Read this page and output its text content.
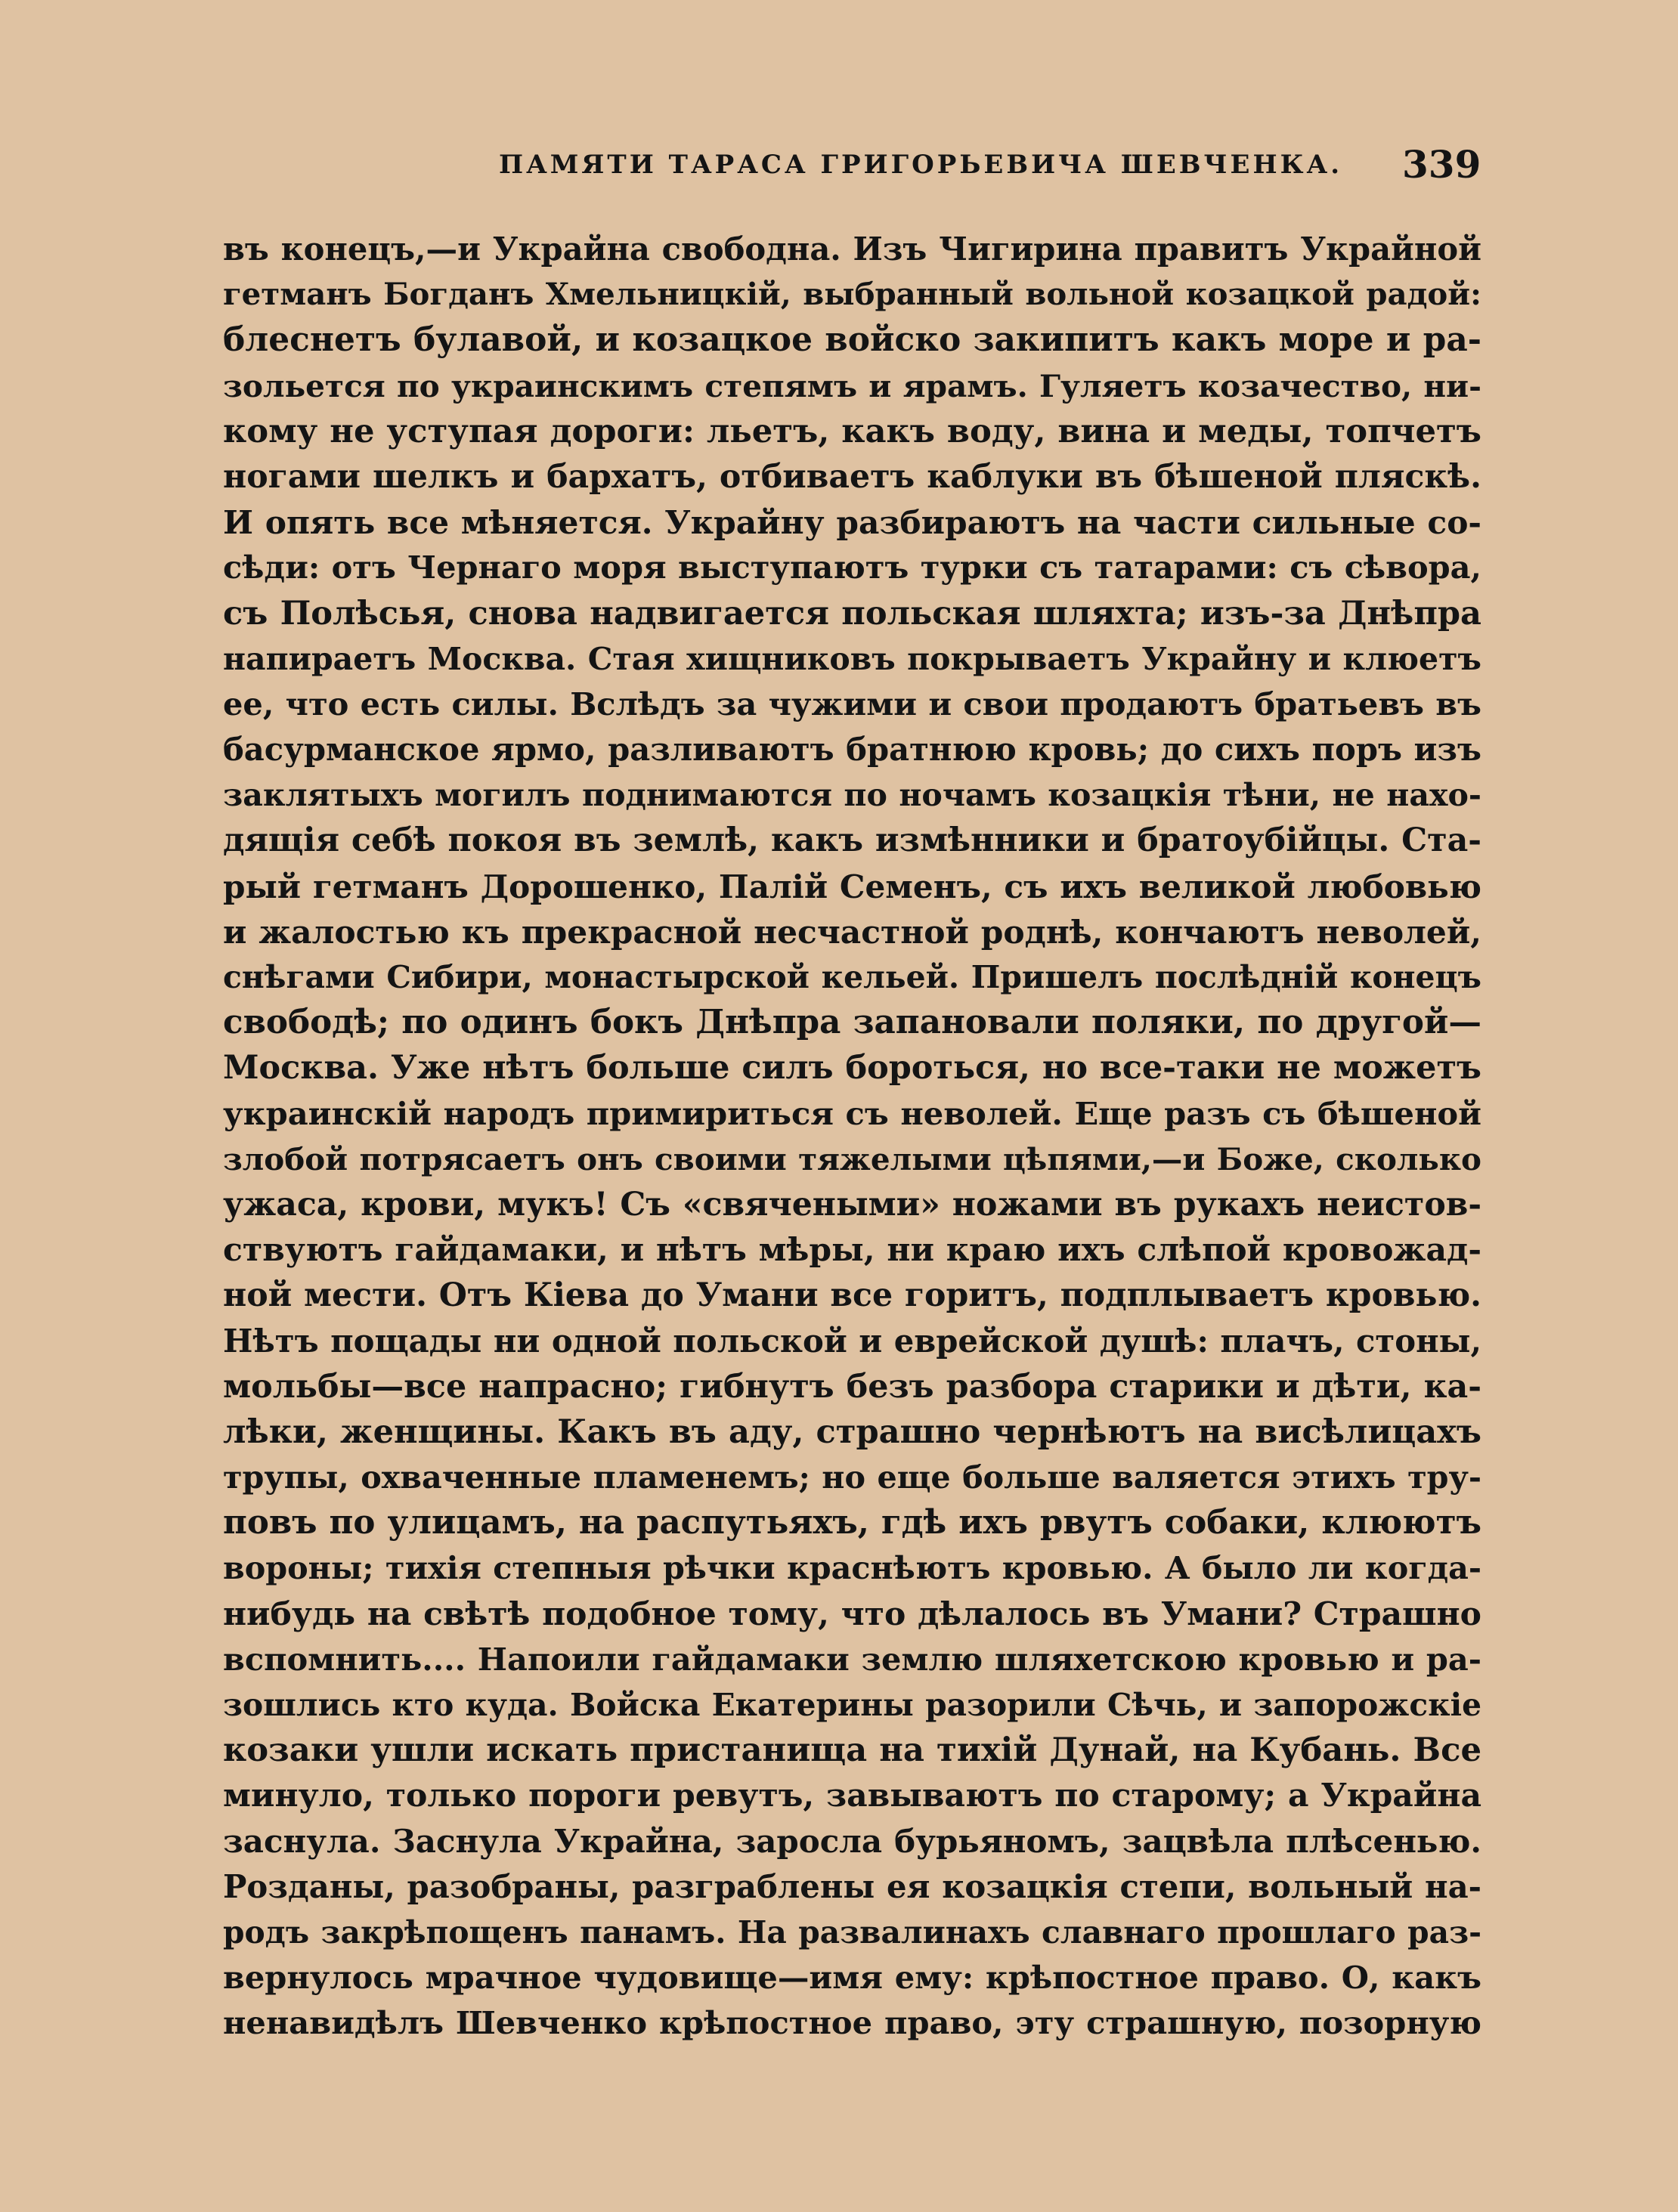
ПАМЯТИ ТАРАСА ГРИГОРЬЕВИЧА ШЕВЧЕНКА. 339
въ конецъ,—и Украйна свободна. Изъ Чигирина правитъ Украйной
гетманъ Богданъ Хмельницкій, выбранный вольной козацкой радой:
блеснетъ булавой, и козацкое войско закипитъ какъ море и ра-
зольется по украинскимъ степямъ и ярамъ. Гуляетъ козачество, ни-
кому не уступая дороги: льетъ, какъ воду, вина и меды, топчетъ
ногами шелкъ и бархатъ, отбиваетъ каблуки въ бѣшеной пляскѣ.
И опять все мѣняется. Украйну разбираютъ на части сильные со-
сѣди: отъ Чернаго моря выступаютъ турки съ татарами: съ сѣвора,
съ Полѣсья, снова надвигается польская шляхта; изъ-за Днѣпра
напираетъ Москва. Стая хищниковъ покрываетъ Украйну и клюетъ
ее, что есть силы. Вслѣдъ за чужими и свои продаютъ братьевъ въ
басурманское ярмо, разливаютъ братнюю кровь; до сихъ поръ изъ
заклятыхъ могилъ поднимаются по ночамъ козацкія тѣни, не нахо-
дящія себѣ покоя въ землѣ, какъ измѣнники и братоубійцы. Ста-
рый гетманъ Дорошенко, Палій Семенъ, съ ихъ великой любовью
и жалостью къ прекрасной несчастной роднѣ, кончаютъ неволей,
снѣгами Сибири, монастырской кельей. Пришелъ послѣдній конецъ
свободѣ; по одинъ бокъ Днѣпра запановали поляки, по другой—
Москва. Уже нѣтъ больше силъ бороться, но все-таки не можетъ
украинскій народъ примириться съ неволей. Еще разъ съ бѣшеной
злобой потрясаетъ онъ своими тяжелыми цѣпями,—и Боже, сколько
ужаса, крови, мукъ! Съ «свячеными» ножами въ рукахъ неистов-
ствуютъ гайдамаки, и нѣтъ мѣры, ни краю ихъ слѣпой кровожад-
ной мести. Отъ Кіева до Умани все горитъ, подплываетъ кровью.
Нѣтъ пощады ни одной польской и еврейской душѣ: плачъ, стоны,
мольбы—все напрасно; гибнутъ безъ разбора старики и дѣти, ка-
лѣки, женщины. Какъ въ аду, страшно чернѣютъ на висѣлицахъ
трупы, охваченные пламенемъ; но еще больше валяется этихъ тру-
повъ по улицамъ, на распутьяхъ, гдѣ ихъ рвутъ собаки, клюютъ
вороны; тихія степныя рѣчки краснѣютъ кровью. А было ли когда-
нибудь на свѣтѣ подобное тому, что дѣлалось въ Умани? Страшно
вспомнить.... Напоили гайдамаки землю шляхетскою кровью и ра-
зошлись кто куда. Войска Екатерины разорили Сѣчь, и запорожскіе
козаки ушли искать пристанища на тихій Дунай, на Кубань. Все
минуло, только пороги ревутъ, завываютъ по старому; а Украйна
заснула. Заснула Украйна, заросла бурьяномъ, зацвѣла плѣсенью.
Розданы, разобраны, разграблены ея козацкія степи, вольный на-
родъ закрѣпощенъ панамъ. На развалинахъ славнаго прошлаго раз-
вернулось мрачное чудовище—имя ему: крѣпостное право. О, какъ
ненавидѣлъ Шевченко крѣпостное право, эту страшную, позорную
